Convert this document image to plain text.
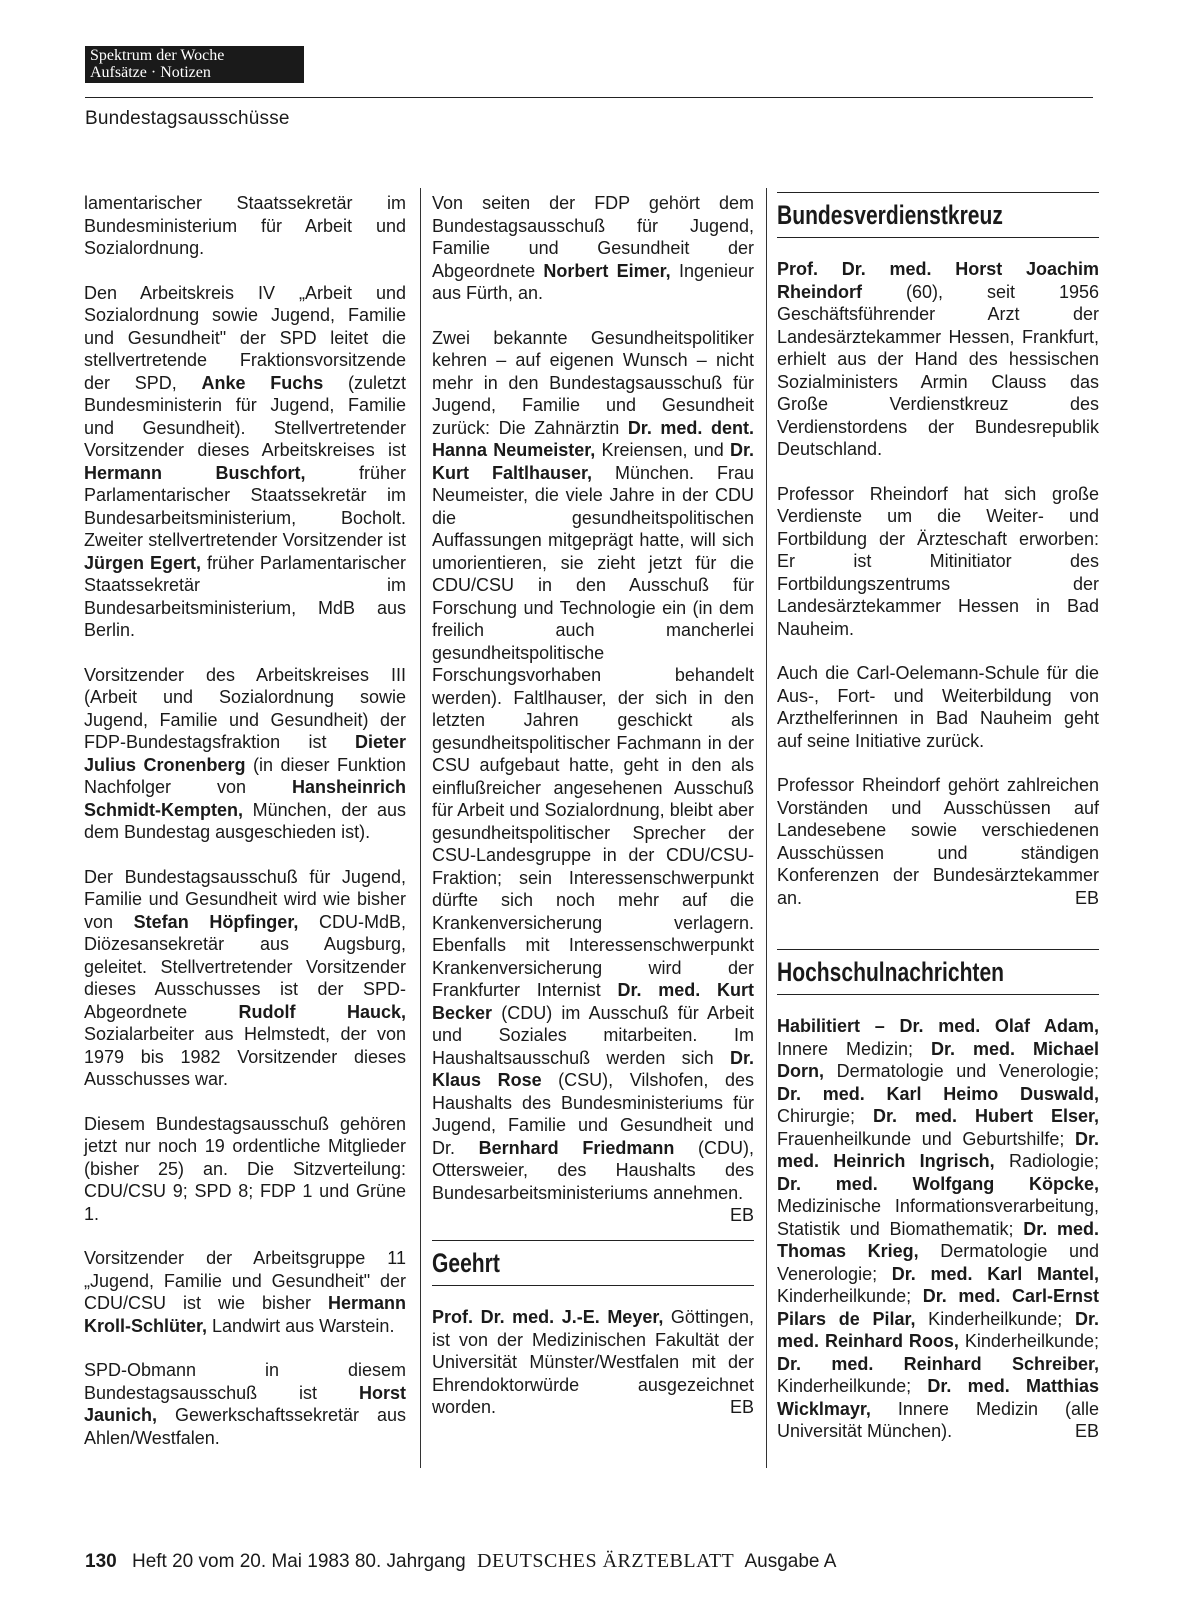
Spektrum der Woche
Aufsätze · Notizen
Bundestagsausschüsse

lamentarischer Staatssekretär im Bundesministerium für Arbeit und Sozialordnung.

Den Arbeitskreis IV „Arbeit und Sozialordnung sowie Jugend, Familie und Gesundheit" der SPD leitet die stellvertretende Fraktionsvorsitzende der SPD, Anke Fuchs (zuletzt Bundesministerin für Jugend, Familie und Gesundheit). Stellvertretender Vorsitzender dieses Arbeitskreises ist Hermann Buschfort, früher Parlamentarischer Staatssekretär im Bundesarbeitsministerium, Bocholt. Zweiter stellvertretender Vorsitzender ist Jürgen Egert, früher Parlamentarischer Staatssekretär im Bundesarbeitsministerium, MdB aus Berlin.

Vorsitzender des Arbeitskreises III (Arbeit und Sozialordnung sowie Jugend, Familie und Gesundheit) der FDP-Bundestagsfraktion ist Dieter Julius Cronenberg (in dieser Funktion Nachfolger von Hansheinrich Schmidt-Kempten, München, der aus dem Bundestag ausgeschieden ist).

Der Bundestagsausschuß für Jugend, Familie und Gesundheit wird wie bisher von Stefan Höpfinger, CDU-MdB, Diözesansekretär aus Augsburg, geleitet. Stellvertretender Vorsitzender dieses Ausschusses ist der SPD-Abgeordnete Rudolf Hauck, Sozialarbeiter aus Helmstedt, der von 1979 bis 1982 Vorsitzender dieses Ausschusses war.

Diesem Bundestagsausschuß gehören jetzt nur noch 19 ordentliche Mitglieder (bisher 25) an. Die Sitzverteilung: CDU/CSU 9; SPD 8; FDP 1 und Grüne 1.

Vorsitzender der Arbeitsgruppe 11 „Jugend, Familie und Gesundheit" der CDU/CSU ist wie bisher Hermann Kroll-Schlüter, Landwirt aus Warstein.

SPD-Obmann in diesem Bundestagsausschuß ist Horst Jaunich, Gewerkschaftssekretär aus Ahlen/Westfalen.

Von seiten der FDP gehört dem Bundestagsausschuß für Jugend, Familie und Gesundheit der Abgeordnete Norbert Eimer, Ingenieur aus Fürth, an.

Zwei bekannte Gesundheitspolitiker kehren – auf eigenen Wunsch – nicht mehr in den Bundestagsausschuß für Jugend, Familie und Gesundheit zurück: Die Zahnärztin Dr. med. dent. Hanna Neumeister, Kreiensen, und Dr. Kurt Faltlhauser, München. Frau Neumeister, die viele Jahre in der CDU die gesundheitspolitischen Auffassungen mitgeprägt hatte, will sich umorientieren, sie zieht jetzt für die CDU/CSU in den Ausschuß für Forschung und Technologie ein (in dem freilich auch mancherlei gesundheitspolitische Forschungsvorhaben behandelt werden). Faltlhauser, der sich in den letzten Jahren geschickt als gesundheitspolitischer Fachmann in der CSU aufgebaut hatte, geht in den als einflußreicher angesehenen Ausschuß für Arbeit und Sozialordnung, bleibt aber gesundheitspolitischer Sprecher der CSU-Landesgruppe in der CDU/CSU-Fraktion; sein Interessenschwerpunkt dürfte sich noch mehr auf die Krankenversicherung verlagern. Ebenfalls mit Interessenschwerpunkt Krankenversicherung wird der Frankfurter Internist Dr. med. Kurt Becker (CDU) im Ausschuß für Arbeit und Soziales mitarbeiten. Im Haushaltsausschuß werden sich Dr. Klaus Rose (CSU), Vilshofen, des Haushalts des Bundesministeriums für Jugend, Familie und Gesundheit und Dr. Bernhard Friedmann (CDU), Ottersweier, des Haushalts des Bundesarbeitsministeriums annehmen.
EB

Geehrt

Prof. Dr. med. J.-E. Meyer, Göttingen, ist von der Medizinischen Fakultät der Universität Münster/Westfalen mit der Ehrendoktorwürde ausgezeichnet worden.	EB

Bundesverdienstkreuz

Prof. Dr. med. Horst Joachim Rheindorf (60), seit 1956 Geschäftsführender Arzt der Landesärztekammer Hessen, Frankfurt, erhielt aus der Hand des hessischen Sozialministers Armin Clauss das Große Verdienstkreuz des Verdienstordens der Bundesrepublik Deutschland.

Professor Rheindorf hat sich große Verdienste um die Weiter- und Fortbildung der Ärzteschaft erworben: Er ist Mitinitiator des Fortbildungszentrums der Landesärztekammer Hessen in Bad Nauheim.

Auch die Carl-Oelemann-Schule für die Aus-, Fort- und Weiterbildung von Arzthelferinnen in Bad Nauheim geht auf seine Initiative zurück.

Professor Rheindorf gehört zahlreichen Vorständen und Ausschüssen auf Landesebene sowie verschiedenen Ausschüssen und ständigen Konferenzen der Bundesärztekammer an.	EB

Hochschulnachrichten

Habilitiert – Dr. med. Olaf Adam, Innere Medizin; Dr. med. Michael Dorn, Dermatologie und Venerologie; Dr. med. Karl Heimo Duswald, Chirurgie; Dr. med. Hubert Elser, Frauenheilkunde und Geburtshilfe; Dr. med. Heinrich Ingrisch, Radiologie; Dr. med. Wolfgang Köpcke, Medizinische Informationsverarbeitung, Statistik und Biomathematik; Dr. med. Thomas Krieg, Dermatologie und Venerologie; Dr. med. Karl Mantel, Kinderheilkunde; Dr. med. Carl-Ernst Pilars de Pilar, Kinderheilkunde; Dr. med. Reinhard Roos, Kinderheilkunde; Dr. med. Reinhard Schreiber, Kinderheilkunde; Dr. med. Matthias Wicklmayr, Innere Medizin (alle Universität München).	EB

130 Heft 20 vom 20. Mai 1983 80. Jahrgang DEUTSCHES ÄRZTEBLATT Ausgabe A
